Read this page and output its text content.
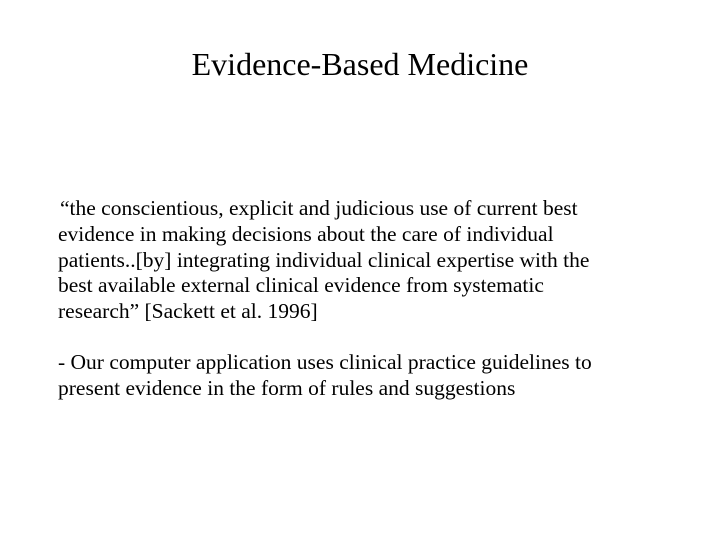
Evidence-Based Medicine

“the conscientious, explicit and judicious use of current best
evidence in making decisions about the care of individual
patients..[by] integrating individual clinical expertise with the
best available external clinical evidence from systematic
research” [Sackett et al. 1996]

- Our computer application uses clinical practice guidelines to
present evidence in the form of rules and suggestions
